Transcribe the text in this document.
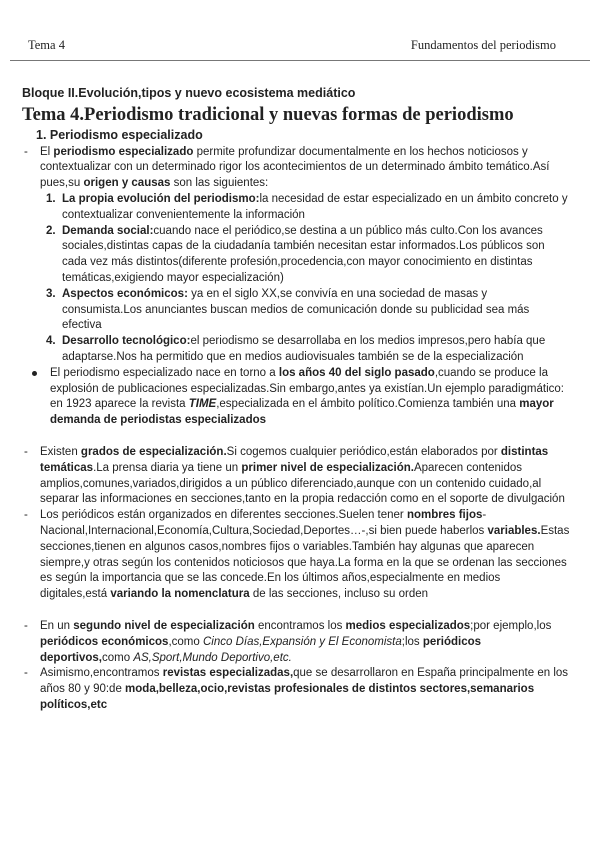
Tema 4	Fundamentos del periodismo
Bloque II.Evolución,tipos y nuevo ecosistema mediático
Tema 4.Periodismo tradicional y nuevas formas de periodismo
1. Periodismo especializado
- El periodismo especializado permite profundizar documentalmente en los hechos noticiosos y contextualizar con un determinado rigor los acontecimientos de un determinado ámbito temático.Así pues,su origen y causas son las siguientes:
1. La propia evolución del periodismo:la necesidad de estar especializado en un ámbito concreto y contextualizar convenientemente la información
2. Demanda social:cuando nace el periódico,se destina a un público más culto.Con los avances sociales,distintas capas de la ciudadanía también necesitan estar informados.Los públicos son cada vez más distintos(diferente profesión,procedencia,con mayor conocimiento en distintas temáticas,exigiendo mayor especialización)
3. Aspectos económicos: ya en el siglo XX,se convivía en una sociedad de masas y consumista.Los anunciantes buscan medios de comunicación donde su publicidad sea más efectiva
4. Desarrollo tecnológico:el periodismo se desarrollaba en los medios impresos,pero había que adaptarse.Nos ha permitido que en medios audiovisuales también se de la especialización
El periodismo especializado nace en torno a los años 40 del siglo pasado,cuando se produce la explosión de publicaciones especializadas.Sin embargo,antes ya existían.Un ejemplo paradigmático: en 1923 aparece la revista TIME,especializada en el ámbito político.Comienza también una mayor demanda de periodistas especializados
- Existen grados de especialización.Si cogemos cualquier periódico,están elaborados por distintas temáticas.La prensa diaria ya tiene un primer nivel de especialización.Aparecen contenidos amplios,comunes,variados,dirigidos a un público diferenciado,aunque con un contenido cuidado,al separar las informaciones en secciones,tanto en la propia redacción como en el soporte de divulgación
- Los periódicos están organizados en diferentes secciones.Suelen tener nombres fijos-Nacional,Internacional,Economía,Cultura,Sociedad,Deportes…-,si bien puede haberlos variables.Estas secciones,tienen en algunos casos,nombres fijos o variables.También hay algunas que aparecen siempre,y otras según los contenidos noticiosos que haya.La forma en la que se ordenan las secciones es según la importancia que se las concede.En los últimos años,especialmente en medios digitales,está variando la nomenclatura de las secciones, incluso su orden
- En un segundo nivel de especialización encontramos los medios especializados;por ejemplo,los periódicos económicos,como Cinco Días,Expansión y El Economista;los periódicos deportivos,como AS,Sport,Mundo Deportivo,etc.
- Asimismo,encontramos revistas especializadas,que se desarrollaron en España principalmente en los años 80 y 90:de moda,belleza,ocio,revistas profesionales de distintos sectores,semanarios políticos,etc
